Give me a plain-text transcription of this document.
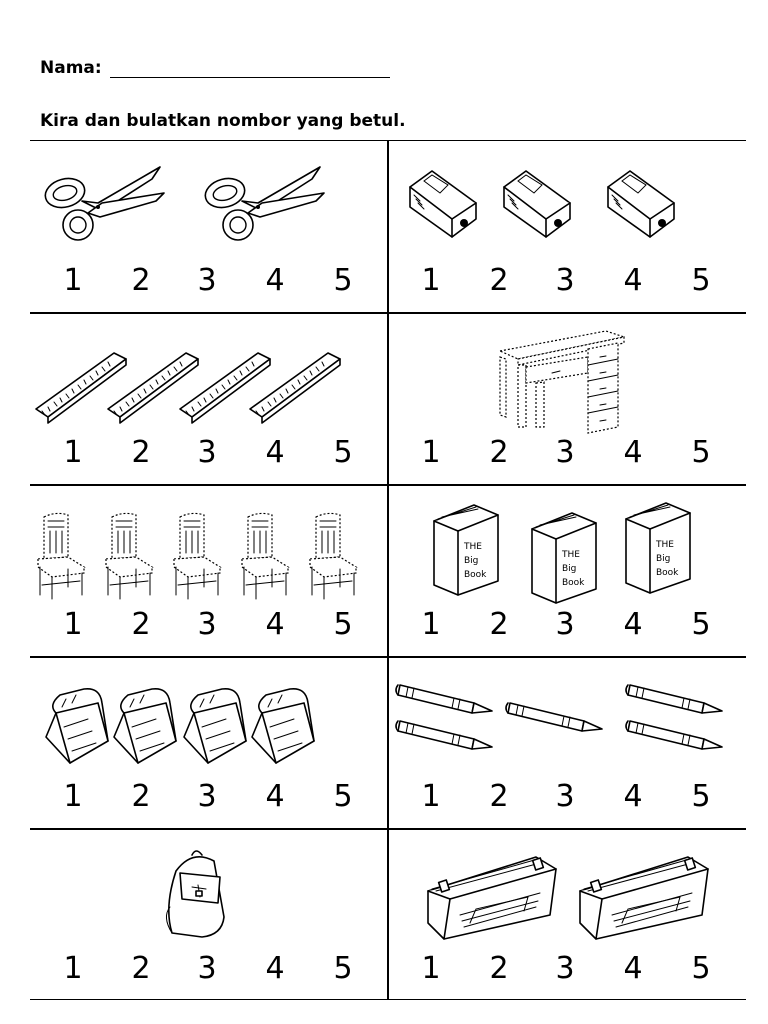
Nama:
Kira dan bulatkan nombor yang betul.
1 2 3 4 5 1 2 3 4 5
1 2 3 4 5 1 2 3 4 5
1 2 3 4 5
THE
Big
Book
THE
Big
Book
THE
Big
Book
1 2 3 4 5
1 2 3 4 5 1 2 3 4 5
1 2 3 4 5 1 2 3 4 5
